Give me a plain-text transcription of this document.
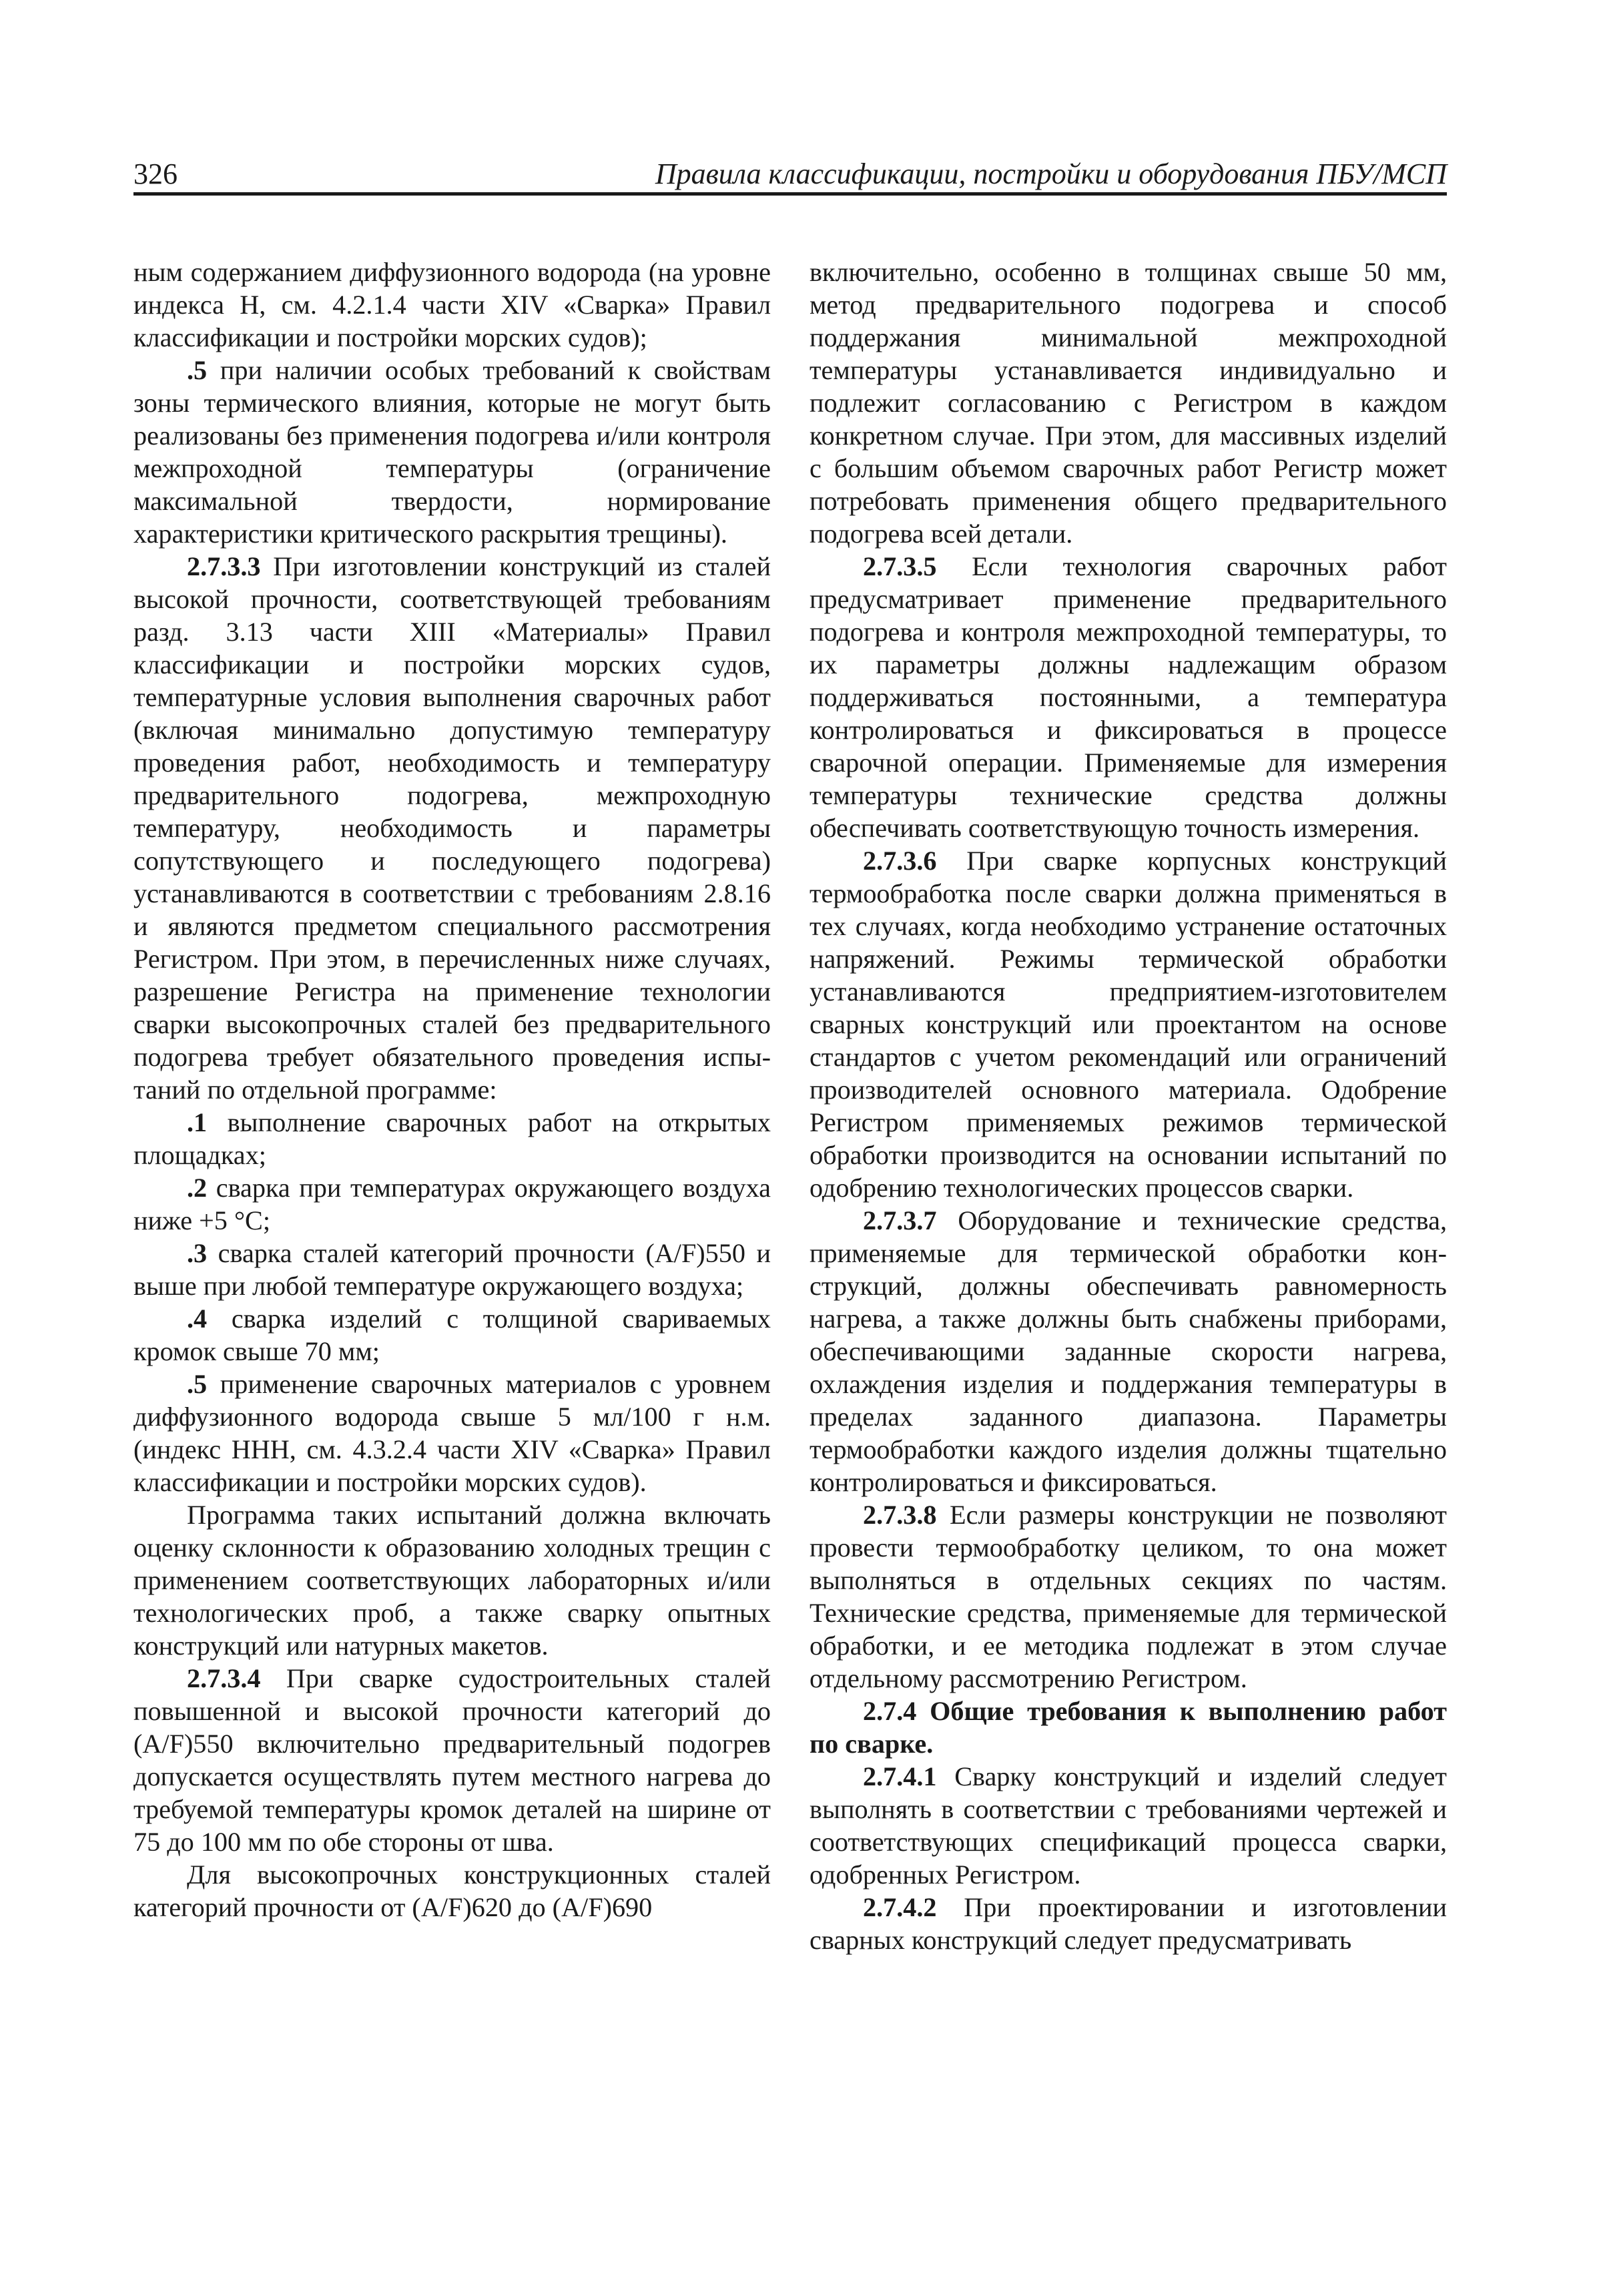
326	Правила классификации, постройки и оборудования ПБУ/МСП

ным содержанием диффузионного водорода (на уровне индекса H, см. 4.2.1.4 части XIV «Сварка» Правил классификации и постройки морских судов);

.5 при наличии особых требований к свойствам зоны термического влияния, которые не могут быть реализованы без применения подогрева и/или контроля межпроходной температуры (ограничение максимальной твердости, нормирование характеристики критического раскрытия трещины).

2.7.3.3 При изготовлении конструкций из сталей высокой прочности, соответствующей требованиям разд. 3.13 части XIII «Материалы» Правил классификации и постройки морских судов, температурные условия выполнения сварочных работ (включая минимально допустимую температуру проведения работ, необходимость и температуру предварительного подогрева, межпроходную температуру, необходимость и параметры сопутствующего и последующего подогрева) устанавливаются в соответствии с требованиям 2.8.16 и являются предметом специального рассмотрения Регистром. При этом, в перечисленных ниже случаях, разрешение Регистра на применение технологии сварки высокопрочных сталей без предварительного подогрева требует обязательного проведения испытаний по отдельной программе:

.1 выполнение сварочных работ на открытых площадках;

.2 сварка при температурах окружающего воздуха ниже +5 °C;

.3 сварка сталей категорий прочности (A/F)550 и выше при любой температуре окружающего воздуха;

.4 сварка изделий с толщиной свариваемых кромок свыше 70 мм;

.5 применение сварочных материалов с уровнем диффузионного водорода свыше 5 мл/100 г н.м. (индекс HHH, см. 4.3.2.4 части XIV «Сварка» Правил классификации и постройки морских судов).

Программа таких испытаний должна включать оценку склонности к образованию холодных трещин с применением соответствующих лабораторных и/или технологических проб, а также сварку опытных конструкций или натурных макетов.

2.7.3.4 При сварке судостроительных сталей повышенной и высокой прочности категорий до (A/F)550 включительно предварительный подогрев допускается осуществлять путем местного нагрева до требуемой температуры кромок деталей на ширине от 75 до 100 мм по обе стороны от шва.

Для высокопрочных конструкционных сталей категорий прочности от (A/F)620 до (A/F)690

включительно, особенно в толщинах свыше 50 мм, метод предварительного подогрева и способ поддержания минимальной межпроходной температуры устанавливается индивидуально и подлежит согласованию с Регистром в каждом конкретном случае. При этом, для массивных изделий с большим объемом сварочных работ Регистр может потребовать применения общего предварительного подогрева всей детали.

2.7.3.5 Если технология сварочных работ предусматривает применение предварительного подогрева и контроля межпроходной температуры, то их параметры должны надлежащим образом поддерживаться постоянными, а температура контролироваться и фиксироваться в процессе сварочной операции. Применяемые для измерения температуры технические средства должны обеспечивать соответствующую точность измерения.

2.7.3.6 При сварке корпусных конструкций термообработка после сварки должна применяться в тех случаях, когда необходимо устранение остаточных напряжений. Режимы термической обработки устанавливаются предприятием-изготовителем сварных конструкций или проектантом на основе стандартов с учетом рекомендаций или ограничений производителей основного материала. Одобрение Регистром применяемых режимов термической обработки производится на основании испытаний по одобрению технологических процессов сварки.

2.7.3.7 Оборудование и технические средства, применяемые для термической обработки конструкций, должны обеспечивать равномерность нагрева, а также должны быть снабжены приборами, обеспечивающими заданные скорости нагрева, охлаждения изделия и поддержания температуры в пределах заданного диапазона. Параметры термообработки каждого изделия должны тщательно контролироваться и фиксироваться.

2.7.3.8 Если размеры конструкции не позволяют провести термообработку целиком, то она может выполняться в отдельных секциях по частям. Технические средства, применяемые для термической обработки, и ее методика подлежат в этом случае отдельному рассмотрению Регистром.

2.7.4 Общие требования к выполнению работ по сварке.

2.7.4.1 Сварку конструкций и изделий следует выполнять в соответствии с требованиями чертежей и соответствующих спецификаций процесса сварки, одобренных Регистром.

2.7.4.2 При проектировании и изготовлении сварных конструкций следует предусматривать
